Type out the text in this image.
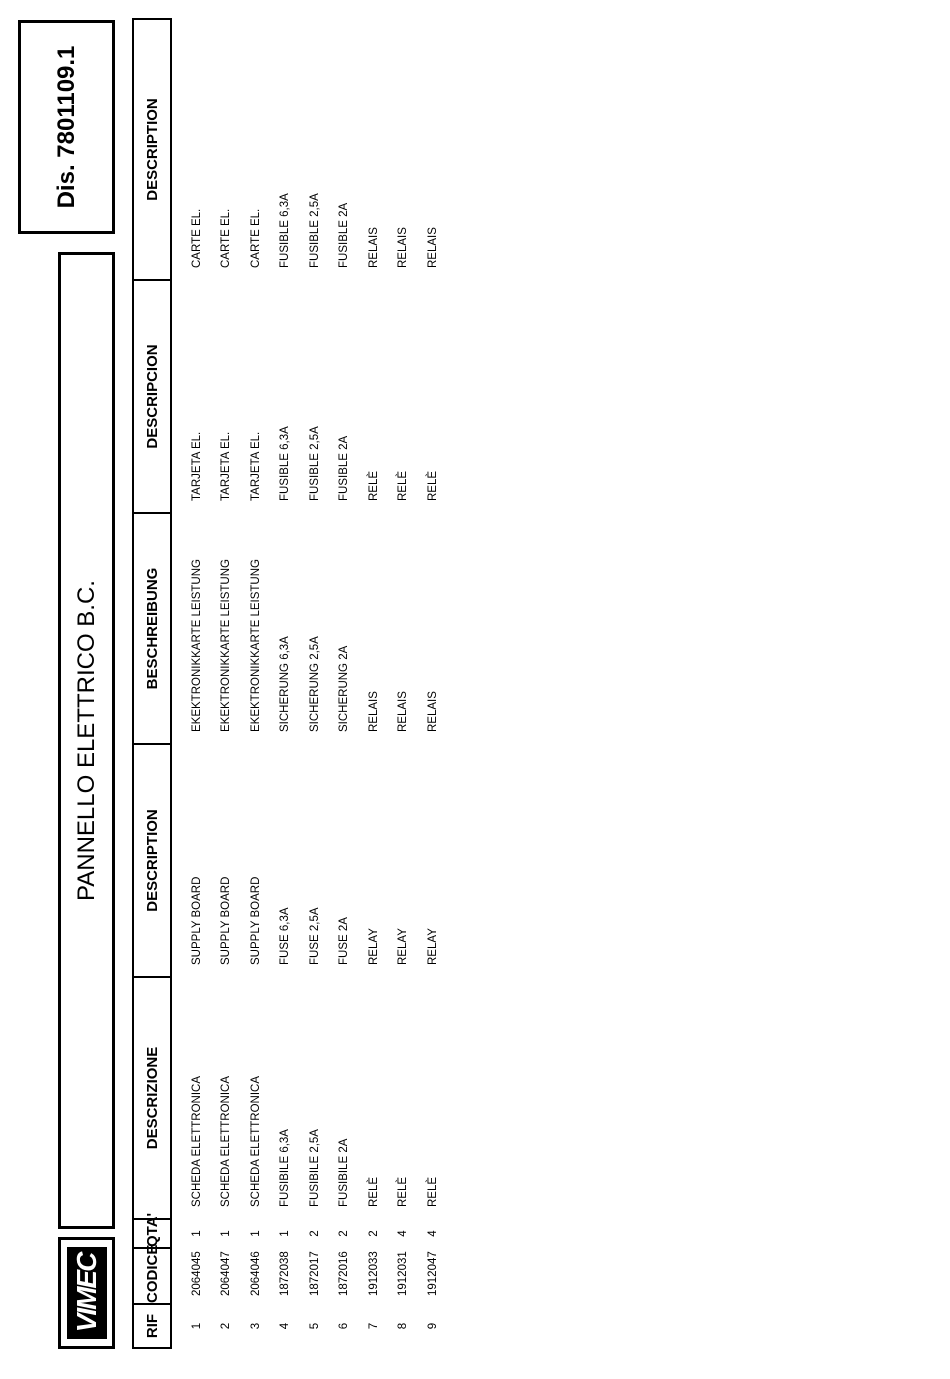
VIMEC
PANNELLO ELETTRICO B.C.
Dis. 7801109.1
RIF	CODICE	QTA'	DESCRIZIONE	DESCRIPTION	BESCHREIBUNG	DESCRIPCION	DESCRIPTION
1	2064045	1	SCHEDA ELETTRONICA	SUPPLY BOARD	EKEKTRONIKKARTE LEISTUNG	TARJETA EL.	CARTE EL.
2	2064047	1	SCHEDA ELETTRONICA	SUPPLY BOARD	EKEKTRONIKKARTE LEISTUNG	TARJETA EL.	CARTE EL.
3	2064046	1	SCHEDA ELETTRONICA	SUPPLY BOARD	EKEKTRONIKKARTE LEISTUNG	TARJETA EL.	CARTE EL.
4	1872038	1	FUSIBILE 6,3A	FUSE 6,3A	SICHERUNG 6,3A	FUSIBLE 6,3A	FUSIBLE 6,3A
5	1872017	2	FUSIBILE 2,5A	FUSE 2,5A	SICHERUNG 2,5A	FUSIBLE 2,5A	FUSIBLE 2,5A
6	1872016	2	FUSIBILE 2A	FUSE 2A	SICHERUNG 2A	FUSIBLE 2A	FUSIBLE 2A
7	1912033	2	RELÈ	RELAY	RELAIS	RELÈ	RELAIS
8	1912031	4	RELÈ	RELAY	RELAIS	RELÈ	RELAIS
9	1912047	4	RELÈ	RELAY	RELAIS	RELÈ	RELAIS
